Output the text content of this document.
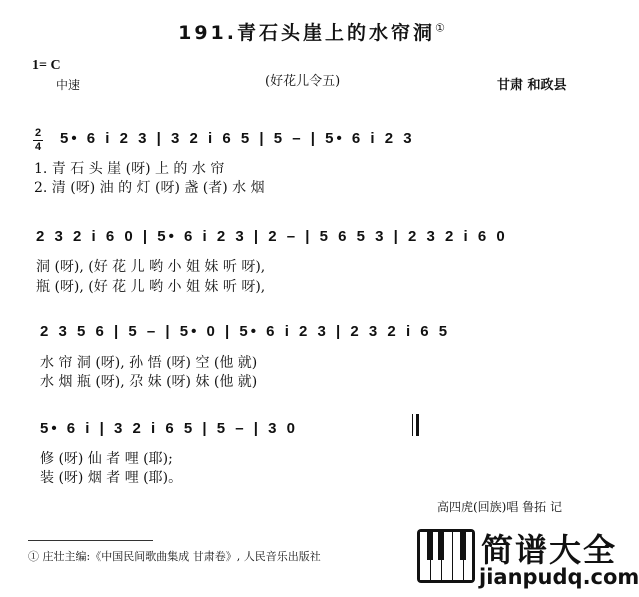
191.青石头崖上的水帘洞①
1= C
中速	(好花儿令五)	甘肃 和政县
2
4 5• 6 i 2 3 | 3 2 i 6 5 | 5 – | 5• 6 i 2 3
1. 青 石 头 崖 (呀) 上 的 水 帘
2. 清 (呀) 油 的 灯 (呀) 盏 (者) 水 烟
2 3 2 i 6 0 | 5• 6 i 2 3 | 2 – | 5 6 5 3 | 2 3 2 i 6 0
洞 (呀), (好 花 儿 哟 小 姐 妹 听 呀),
瓶 (呀), (好 花 儿 哟 小 姐 妹 听 呀),
2 3 5 6 | 5 – | 5• 0 | 5• 6 i 2 3 | 2 3 2 i 6 5
水 帘 洞 (呀), 孙 悟 (呀) 空 (他 就)
水 烟 瓶 (呀), 尕 妹 (呀) 妹 (他 就)
5• 6 i | 3 2 i 6 5 | 5 – | 3 0
修 (呀) 仙 者 哩 (耶);
装 (呀) 烟 者 哩 (耶)。
高四虎(回族)唱 鲁拓 记
① 庄壮主编:《中国民间歌曲集成 甘肃卷》, 人民音乐出版社	简谱大全
jianpudq.com
